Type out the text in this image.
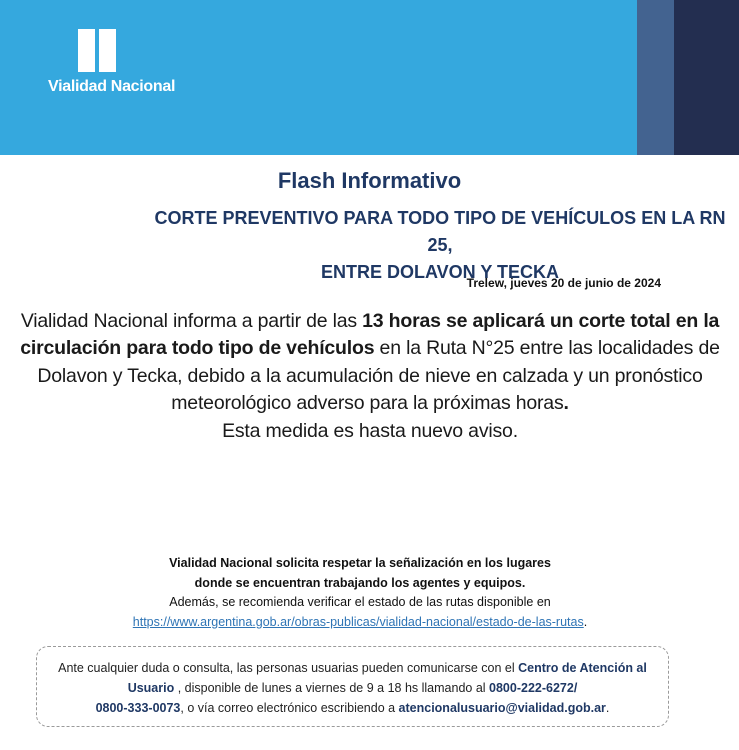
Vialidad Nacional
Flash Informativo
CORTE PREVENTIVO PARA TODO TIPO DE VEHÍCULOS EN LA RN 25,
ENTRE DOLAVON Y TECKA
Trelew, jueves 20 de junio de 2024
Vialidad Nacional informa a partir de las 13 horas se aplicará un corte total en la circulación para todo tipo de vehículos en la Ruta N°25 entre las localidades de Dolavon y Tecka, debido a la acumulación de nieve en calzada y un pronóstico meteorológico adverso para la próximas horas.
Esta medida es hasta nuevo aviso.
Vialidad Nacional solicita respetar la señalización en los lugares
donde se encuentran trabajando los agentes y equipos.
Además, se recomienda verificar el estado de las rutas disponible en
https://www.argentina.gob.ar/obras-publicas/vialidad-nacional/estado-de-las-rutas.
Ante cualquier duda o consulta, las personas usuarias pueden comunicarse con el Centro de Atención al Usuario , disponible de lunes a viernes de 9 a 18 hs llamando al 0800-222-6272/
0800-333-0073, o vía correo electrónico escribiendo a atencionalusuario@vialidad.gob.ar.
